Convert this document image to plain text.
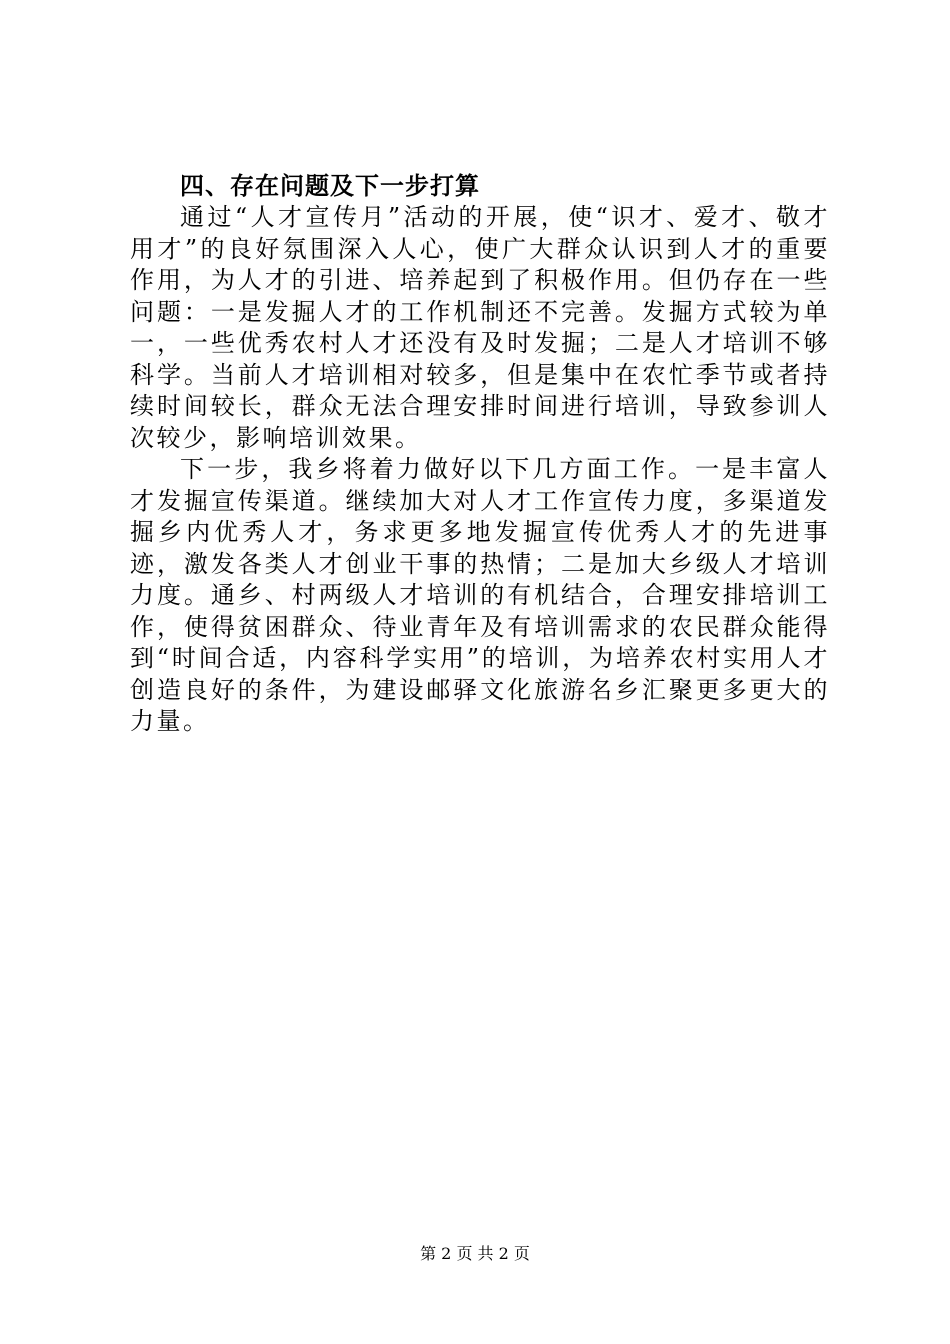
四、存在问题及下一步打算

通过“人才宣传月”活动的开展，使“识才、爱才、敬才用才”的良好氛围深入人心，使广大群众认识到人才的重要作用，为人才的引进、培养起到了积极作用。但仍存在一些问题：一是发掘人才的工作机制还不完善。发掘方式较为单一，一些优秀农村人才还没有及时发掘；二是人才培训不够科学。当前人才培训相对较多，但是集中在农忙季节或者持续时间较长，群众无法合理安排时间进行培训，导致参训人次较少，影响培训效果。

下一步，我乡将着力做好以下几方面工作。一是丰富人才发掘宣传渠道。继续加大对人才工作宣传力度，多渠道发掘乡内优秀人才，务求更多地发掘宣传优秀人才的先进事迹，激发各类人才创业干事的热情；二是加大乡级人才培训力度。通乡、村两级人才培训的有机结合，合理安排培训工作，使得贫困群众、待业青年及有培训需求的农民群众能得到“时间合适，内容科学实用”的培训，为培养农村实用人才创造良好的条件，为建设邮驿文化旅游名乡汇聚更多更大的力量。

第 2 页 共 2 页
